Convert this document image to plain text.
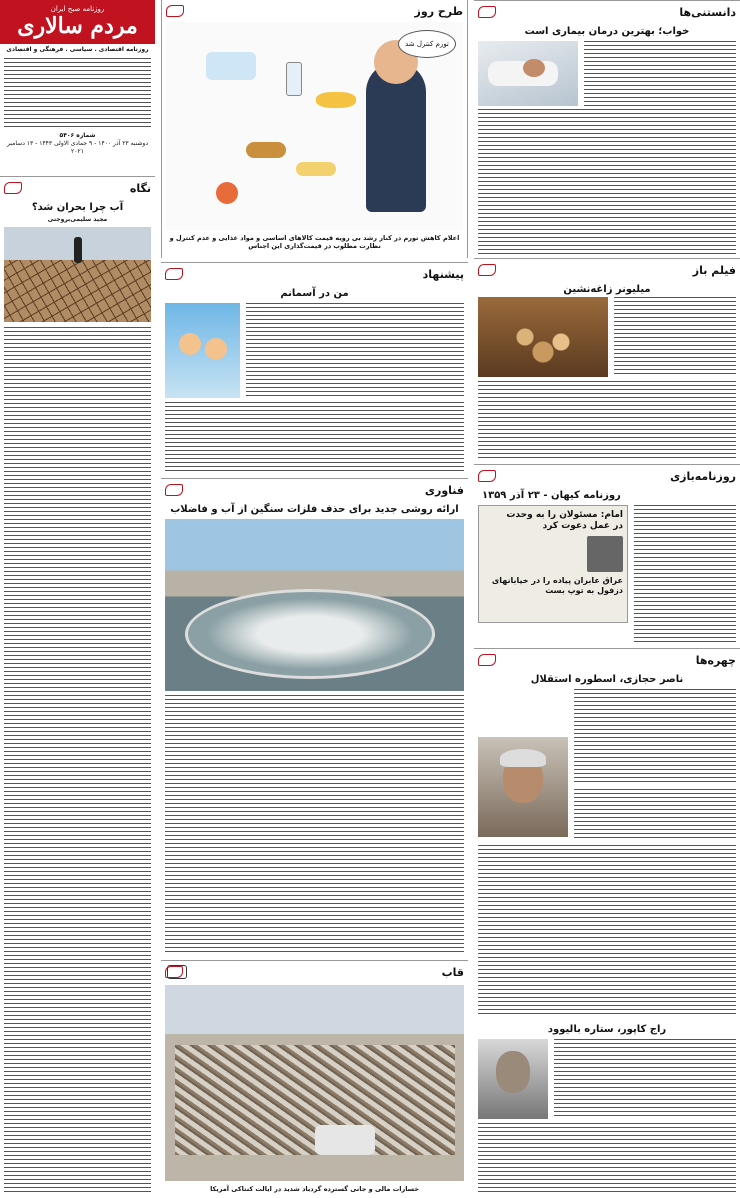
دانستنی‌ها
خواب؛ بهترین درمان بیماری است
فیلم باز
میلیونر زاغه‌نشین
روزنامه‌بازی
روزنامه کیهان - ۲۳ آذر ۱۳۵۹
امام: مسئولان را به وحدت
در عمل دعوت کرد
عراق عابران پیاده را در خیابانهای
دزفول به توپ بست
چهره‌ها
ناصر حجازی، اسطوره استقلال
راج کاپور، ستاره بالیوود
طرح روز
تورم کنترل شد
اعلام کاهش تورم در کنار رشد بی رویه قیمت کالاهای اساسی و مواد غذایی و عدم کنترل و نظارت مطلوب در قیمت‌گذاری این اجناس
پیشنهاد
من در آسمانم
فناوری
ارائه روشی جدید برای حذف فلزات سنگین از آب و فاضلاب
قاب
خسارات مالی و جانی گسترده گردباد شدید در ایالت کنتاکی آمریکا
روزنامه صبح ایران
مردم سالاری
روزنامه اقتصادی . سیاسی . فرهنگی و اقتصادی
شماره ۵۴۰۶
دوشنبه ۲۳ آذر ۱۴۰۰ - ۹ جمادی الاولی ۱۴۴۳ - ۱۳ دسامبر ۲۰۲۱
نگاه
آب چرا بحران شد؟
مجید سلیمی‌بروجنی
